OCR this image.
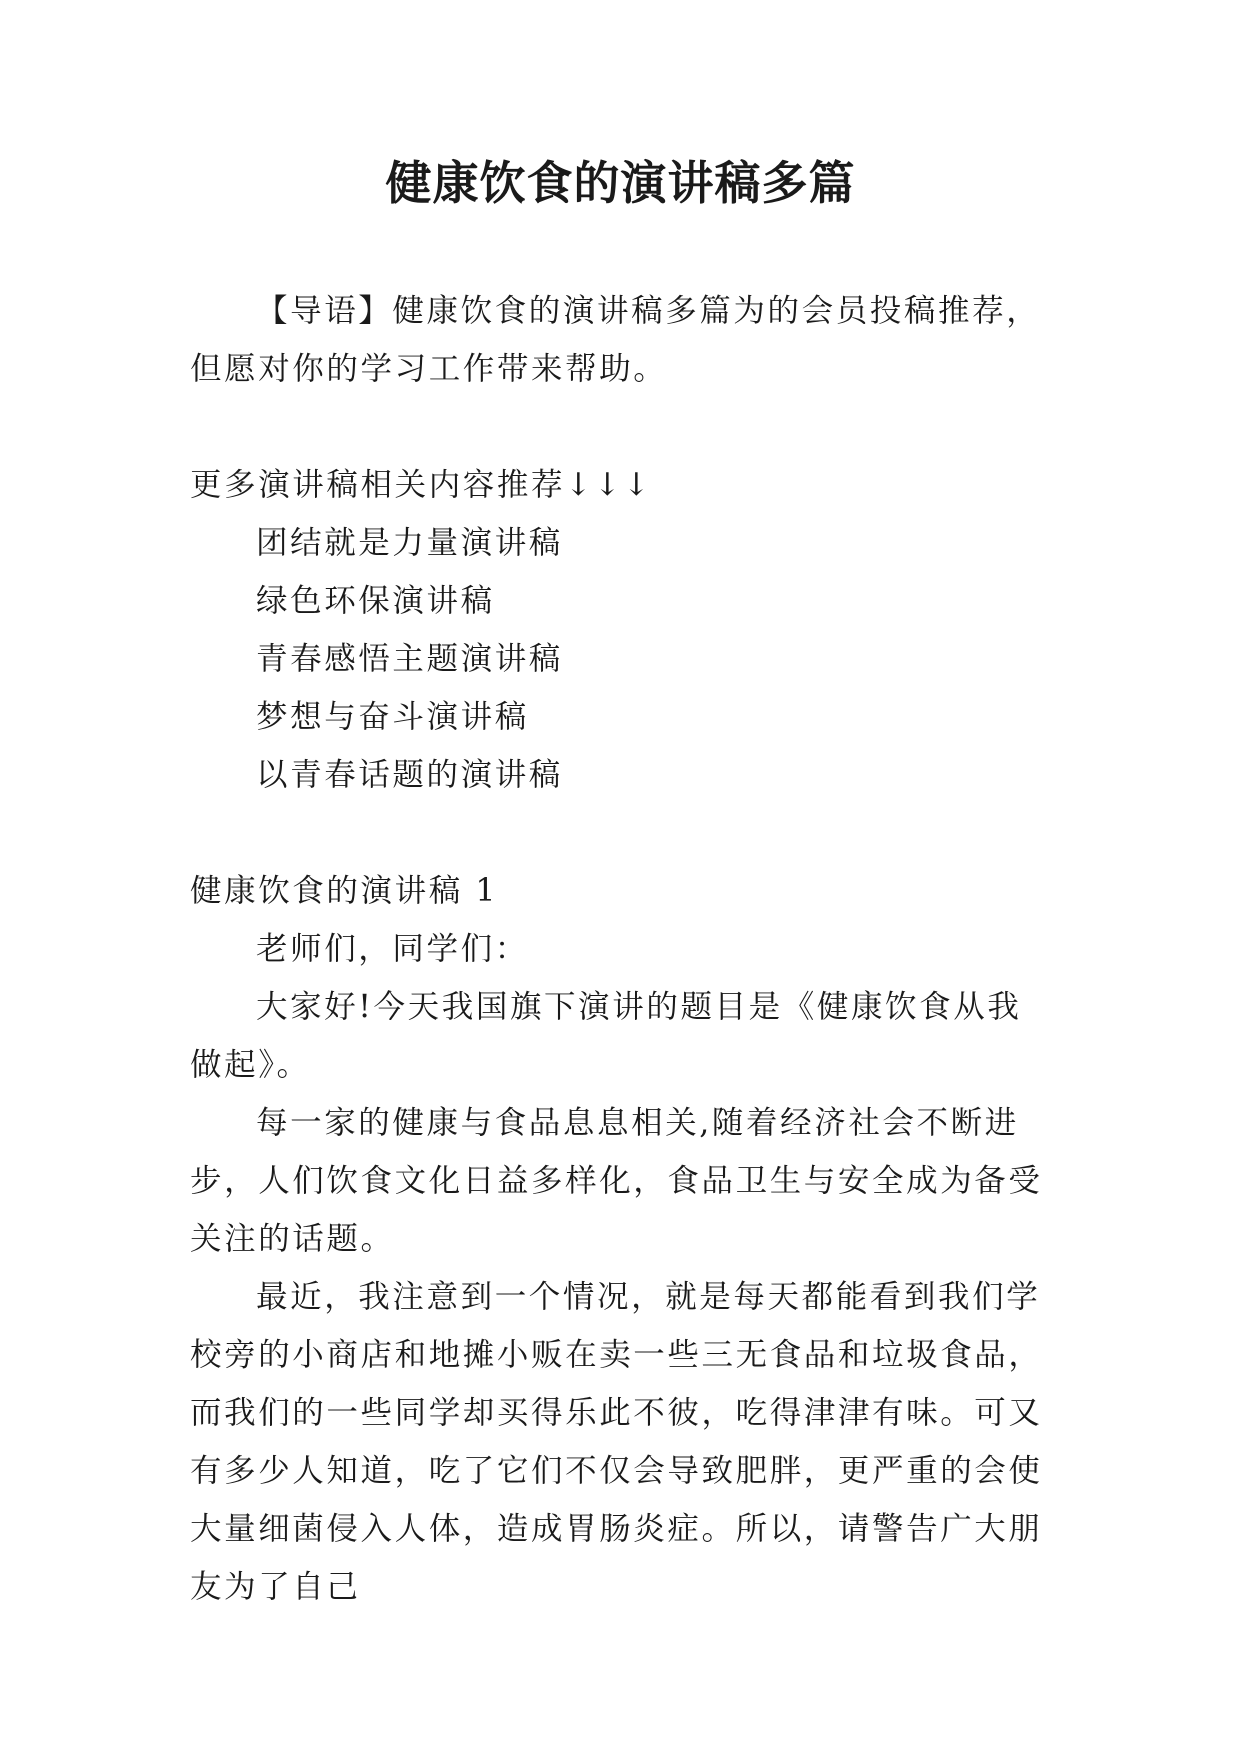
健康饮食的演讲稿多篇

【导语】健康饮食的演讲稿多篇为的会员投稿推荐，但愿对你的学习工作带来帮助。

更多演讲稿相关内容推荐↓↓↓

团结就是力量演讲稿

绿色环保演讲稿

青春感悟主题演讲稿

梦想与奋斗演讲稿

以青春话题的演讲稿

健康饮食的演讲稿 1

老师们，同学们：

大家好!今天我国旗下演讲的题目是《健康饮食从我做起》。

每一家的健康与食品息息相关,随着经济社会不断进步，人们饮食文化日益多样化，食品卫生与安全成为备受关注的话题。

最近，我注意到一个情况，就是每天都能看到我们学校旁的小商店和地摊小贩在卖一些三无食品和垃圾食品，而我们的一些同学却买得乐此不彼，吃得津津有味。可又有多少人知道，吃了它们不仅会导致肥胖，更严重的会使大量细菌侵入人体，造成胃肠炎症。所以，请警告广大朋友为了自己
